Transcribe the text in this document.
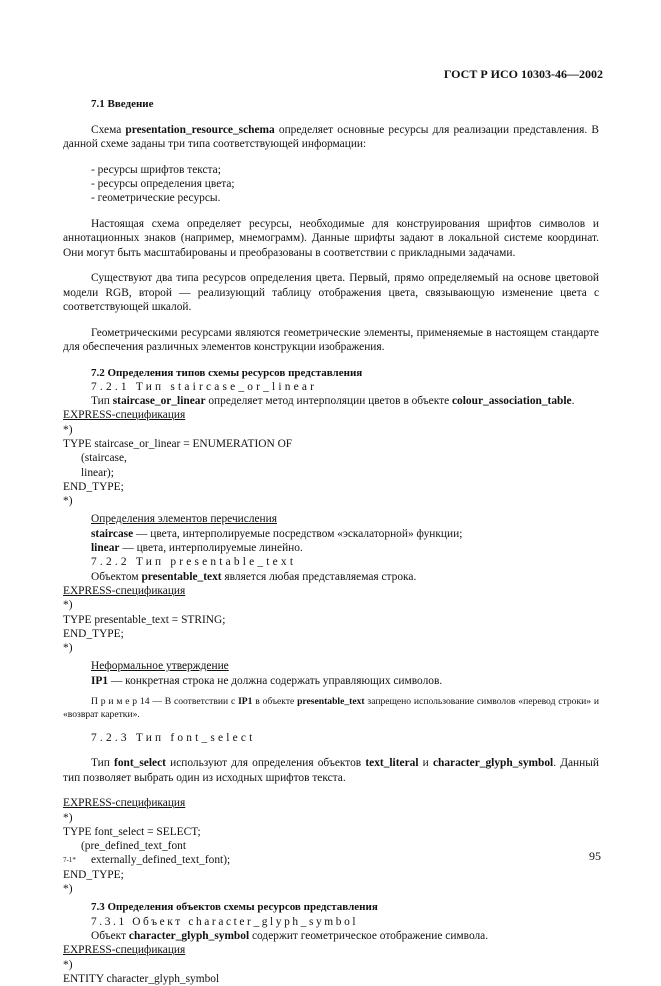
ГОСТ Р ИСО 10303-46—2002

7.1 Введение

Схема presentation_resource_schema определяет основные ресурсы для реализации представления. В данной схеме заданы три типа соответствующей информации:

- ресурсы шрифтов текста;

- ресурсы определения цвета;

- геометрические ресурсы.

Настоящая схема определяет ресурсы, необходимые для конструирования шрифтов символов и аннотационных знаков (например, мнемограмм). Данные шрифты задают в локальной системе координат. Они могут быть масштабированы и преобразованы в соответствии с прикладными задачами.

Существуют два типа ресурсов определения цвета. Первый, прямо определяемый на основе цветовой модели RGB, второй — реализующий таблицу отображения цвета, связывающую изменение цвета с соответствующей шкалой.

Геометрическими ресурсами являются геометрические элементы, применяемые в настоящем стандарте для обеспечения различных элементов конструкции изображения.

7.2 Определения типов схемы ресурсов представления

7.2.1 Тип staircase_or_linear

Тип staircase_or_linear определяет метод интерполяции цветов в объекте colour_association_table.

EXPRESS-спецификация

*)

TYPE staircase_or_linear = ENUMERATION OF

(staircase,

linear);

END_TYPE;

*)

Определения элементов перечисления

staircase — цвета, интерполируемые посредством «эскалаторной» функции;

linear — цвета, интерполируемые линейно.

7.2.2 Тип presentable_text

Объектом presentable_text является любая представляемая строка.

EXPRESS-спецификация

*)

TYPE presentable_text = STRING;

END_TYPE;

*)

Неформальное утверждение

IP1 — конкретная строка не должна содержать управляющих символов.

П р и м е р 14 — В соответствии с IP1 в объекте presentable_text запрещено использование символов «перевод строки» и «возврат каретки».

7.2.3 Тип font_select

Тип font_select используют для определения объектов text_literal и character_glyph_symbol. Данный тип позволяет выбрать один из исходных шрифтов текста.

EXPRESS-спецификация

*)

TYPE font_select = SELECT;

(pre_defined_text_font

externally_defined_text_font);

END_TYPE;

*)

7.3 Определения объектов схемы ресурсов представления

7.3.1 Объект character_glyph_symbol

Объект character_glyph_symbol содержит геометрическое отображение символа.

EXPRESS-спецификация

*)

ENTITY character_glyph_symbol

7-1*	95
